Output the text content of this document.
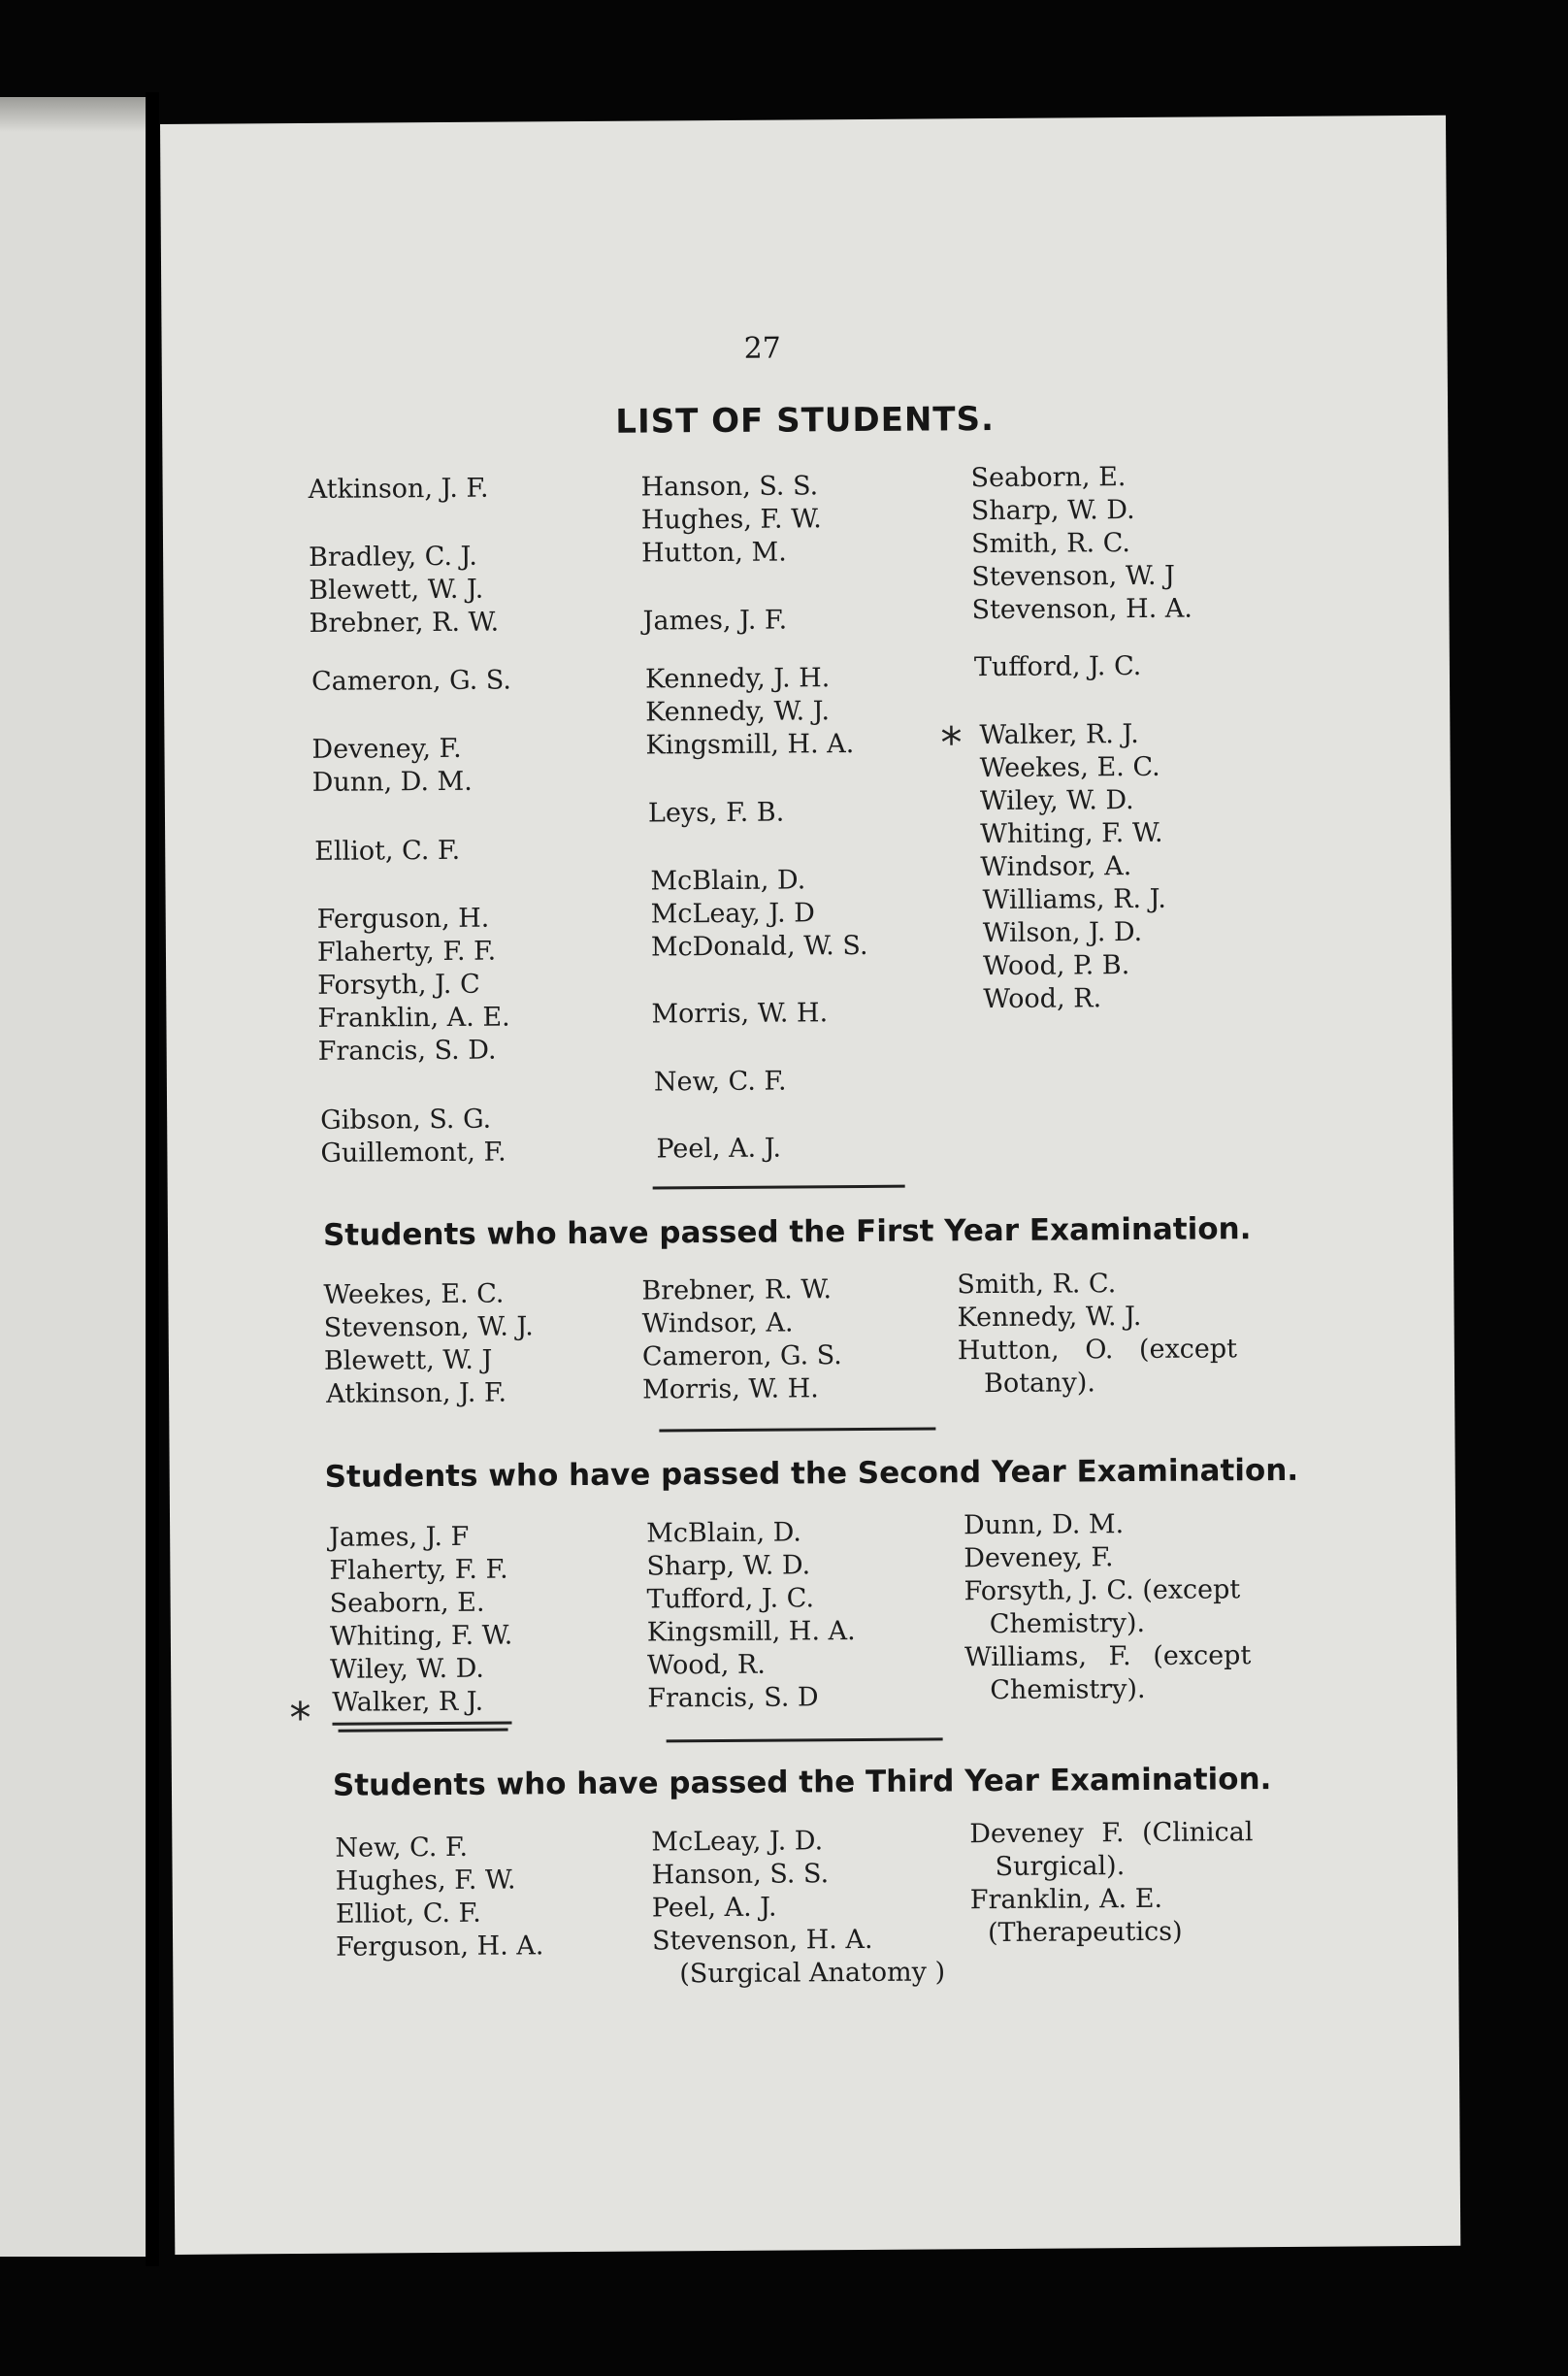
27
LIST OF STUDENTS.
Atkinson, J. F.
Bradley, C. J.
Blewett, W. J.
Brebner, R. W.
Cameron, G. S.
Deveney, F.
Dunn, D. M.
Elliot, C. F.
Ferguson, H.
Flaherty, F. F.
Forsyth, J. C
Franklin, A. E.
Francis, S. D.
Gibson, S. G.
Guillemont, F.
Hanson, S. S.
Hughes, F. W.
Hutton, M.
James, J. F.
Kennedy, J. H.
Kennedy, W. J.
Kingsmill, H. A.
Leys, F. B.
McBlain, D.
McLeay, J. D
McDonald, W. S.
Morris, W. H.
New, C. F.
Peel, A. J.
Seaborn, E.
Sharp, W. D.
Smith, R. C.
Stevenson, W. J
Stevenson, H. A.
Tufford, J. C.
* Walker, R. J.
Weekes, E. C.
Wiley, W. D.
Whiting, F. W.
Windsor, A.
Williams, R. J.
Wilson, J. D.
Wood, P. B.
Wood, R.
Students who have passed the First Year Examination.
Weekes, E. C.
Stevenson, W. J.
Blewett, W. J
Atkinson, J. F.
Brebner, R. W.
Windsor, A.
Cameron, G. S.
Morris, W. H.
Smith, R. C.
Kennedy, W. J.
Hutton, O. (except
Botany).
Students who have passed the Second Year Examination.
James, J. F
Flaherty, F. F.
Seaborn, E.
Whiting, F. W.
Wiley, W. D.
Walker, R J.
*
McBlain, D.
Sharp, W. D.
Tufford, J. C.
Kingsmill, H. A.
Wood, R.
Francis, S. D
Dunn, D. M.
Deveney, F.
Forsyth, J. C. (except
Chemistry).
Williams, F. (except
Chemistry).
Students who have passed the Third Year Examination.
New, C. F.
Hughes, F. W.
Elliot, C. F.
Ferguson, H. A.
McLeay, J. D.
Hanson, S. S.
Peel, A. J.
Stevenson, H. A.
(Surgical Anatomy )
Deveney F. (Clinical
Surgical).
Franklin, A. E.
(Therapeutics)
